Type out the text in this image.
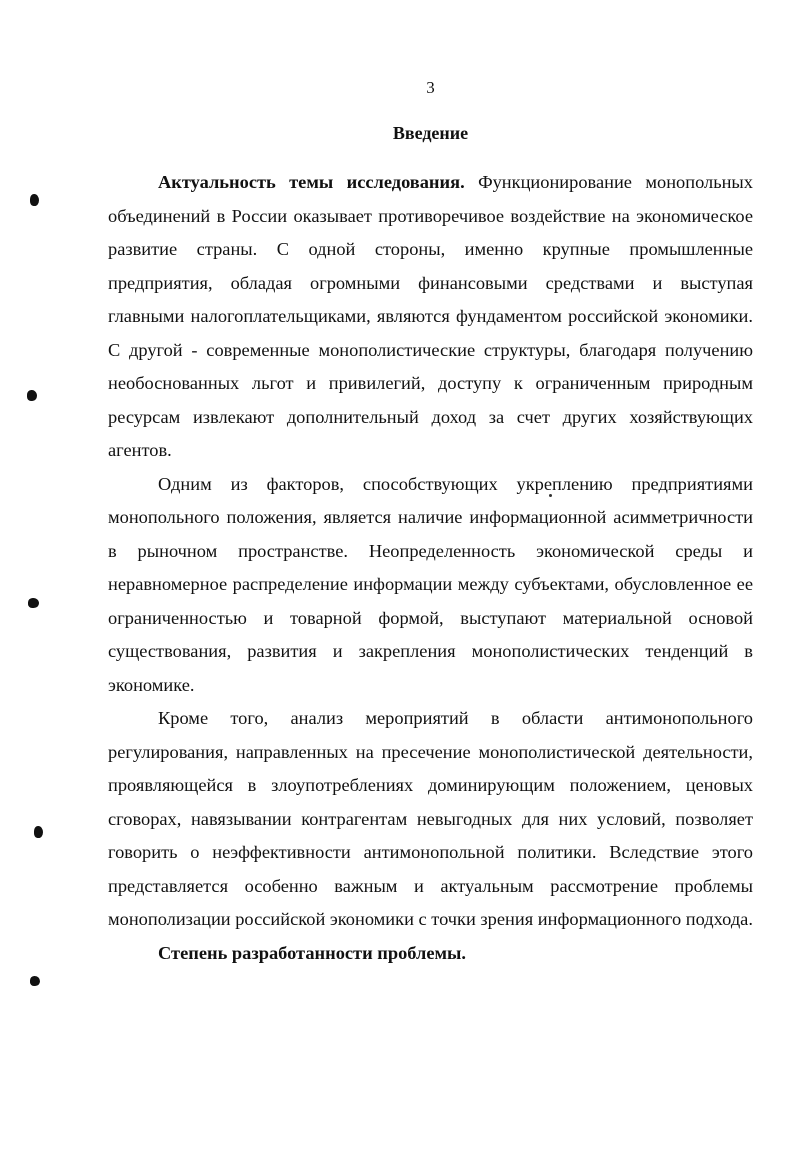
3
Введение

Актуальность темы исследования. Функционирование монопольных объединений в России оказывает противоречивое воздействие на экономическое развитие страны. С одной стороны, именно крупные промышленные предприятия, обладая огромными финансовыми средствами и выступая главными налогоплательщиками, являются фундаментом российской экономики. С другой - современные монополистические структуры, благодаря получению необоснованных льгот и привилегий, доступу к ограниченным природным ресурсам извлекают дополнительный доход за счет других хозяйствующих агентов.

Одним из факторов, способствующих укреплению предприятиями монопольного положения, является наличие информационной асимметричности в рыночном пространстве. Неопределенность экономической среды и неравномерное распределение информации между субъектами, обусловленное ее ограниченностью и товарной формой, выступают материальной основой существования, развития и закрепления монополистических тенденций в экономике.

Кроме того, анализ мероприятий в области антимонопольного регулирования, направленных на пресечение монополистической деятельности, проявляющейся в злоупотреблениях доминирующим положением, ценовых сговорах, навязывании контрагентам невыгодных для них условий, позволяет говорить о неэффективности антимонопольной политики. Вследствие этого представляется особенно важным и актуальным рассмотрение проблемы монополизации российской экономики с точки зрения информационного подхода.

Степень разработанности проблемы.
